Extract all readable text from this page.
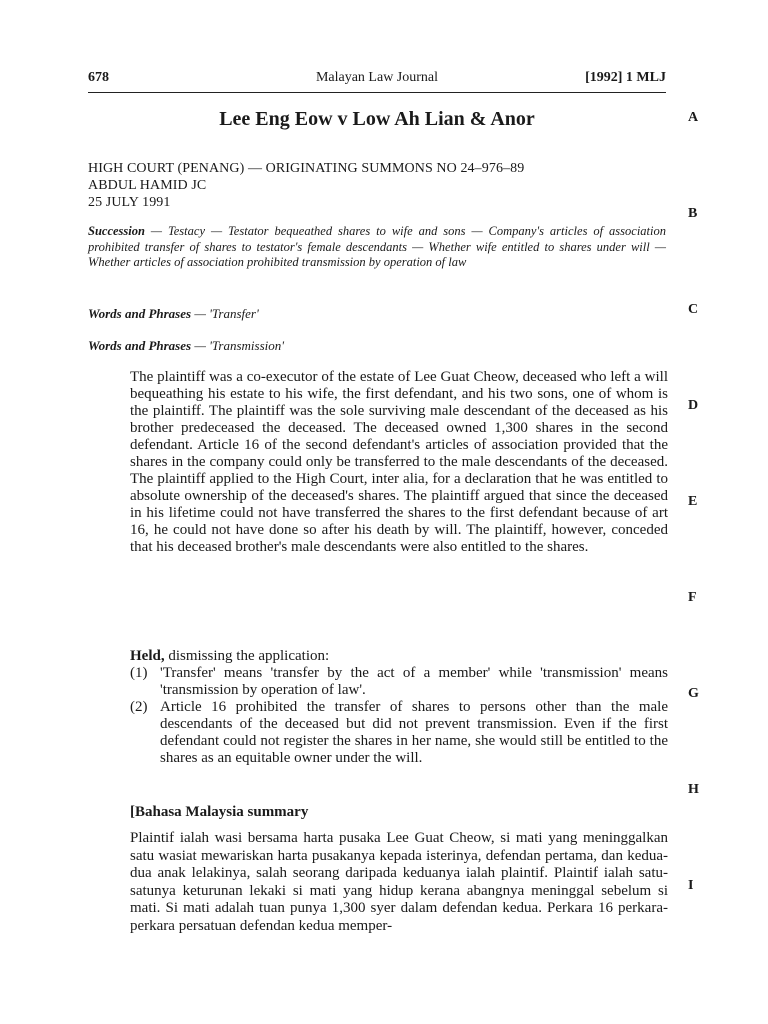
678	Malayan Law Journal	[1992] 1 MLJ
Lee Eng Eow v Low Ah Lian & Anor
HIGH COURT (PENANG) — ORIGINATING SUMMONS NO 24–976–89
ABDUL HAMID JC
25 JULY 1991
Succession — Testacy — Testator bequeathed shares to wife and sons — Company's articles of association prohibited transfer of shares to testator's female descendants — Whether wife entitled to shares under will — Whether articles of association prohibited transmission by operation of law
Words and Phrases — 'Transfer'
Words and Phrases — 'Transmission'

The plaintiff was a co-executor of the estate of Lee Guat Cheow, deceased who left a will bequeathing his estate to his wife, the first defendant, and his two sons, one of whom is the plaintiff. The plaintiff was the sole surviving male descendant of the deceased as his brother predeceased the deceased. The deceased owned 1,300 shares in the second defendant. Article 16 of the second defendant's articles of association provided that the shares in the company could only be transferred to the male descendants of the deceased. The plaintiff applied to the High Court, inter alia, for a declaration that he was entitled to absolute ownership of the deceased's shares. The plaintiff argued that since the deceased in his lifetime could not have transferred the shares to the first defendant because of art 16, he could not have done so after his death by will. The plaintiff, however, conceded that his deceased brother's male descendants were also entitled to the shares.

Held, dismissing the application:
(1) 'Transfer' means 'transfer by the act of a member' while 'transmission' means 'transmission by operation of law'.
(2) Article 16 prohibited the transfer of shares to persons other than the male descendants of the deceased but did not prevent transmission. Even if the first defendant could not register the shares in her name, she would still be entitled to the shares as an equitable owner under the will.
[Bahasa Malaysia summary

Plaintif ialah wasi bersama harta pusaka Lee Guat Cheow, si mati yang meninggalkan satu wasiat mewariskan harta pusakanya kepada isterinya, defendan pertama, dan kedua-dua anak lelakinya, salah seorang daripada keduanya ialah plaintif. Plaintif ialah satu-satunya keturunan lekaki si mati yang hidup kerana abangnya meninggal sebelum si mati. Si mati adalah tuan punya 1,300 syer dalam defendan kedua. Perkara 16 perkara-perkara persatuan defendan kedua memper-

A
B
C
D
E
F
G
H
I
